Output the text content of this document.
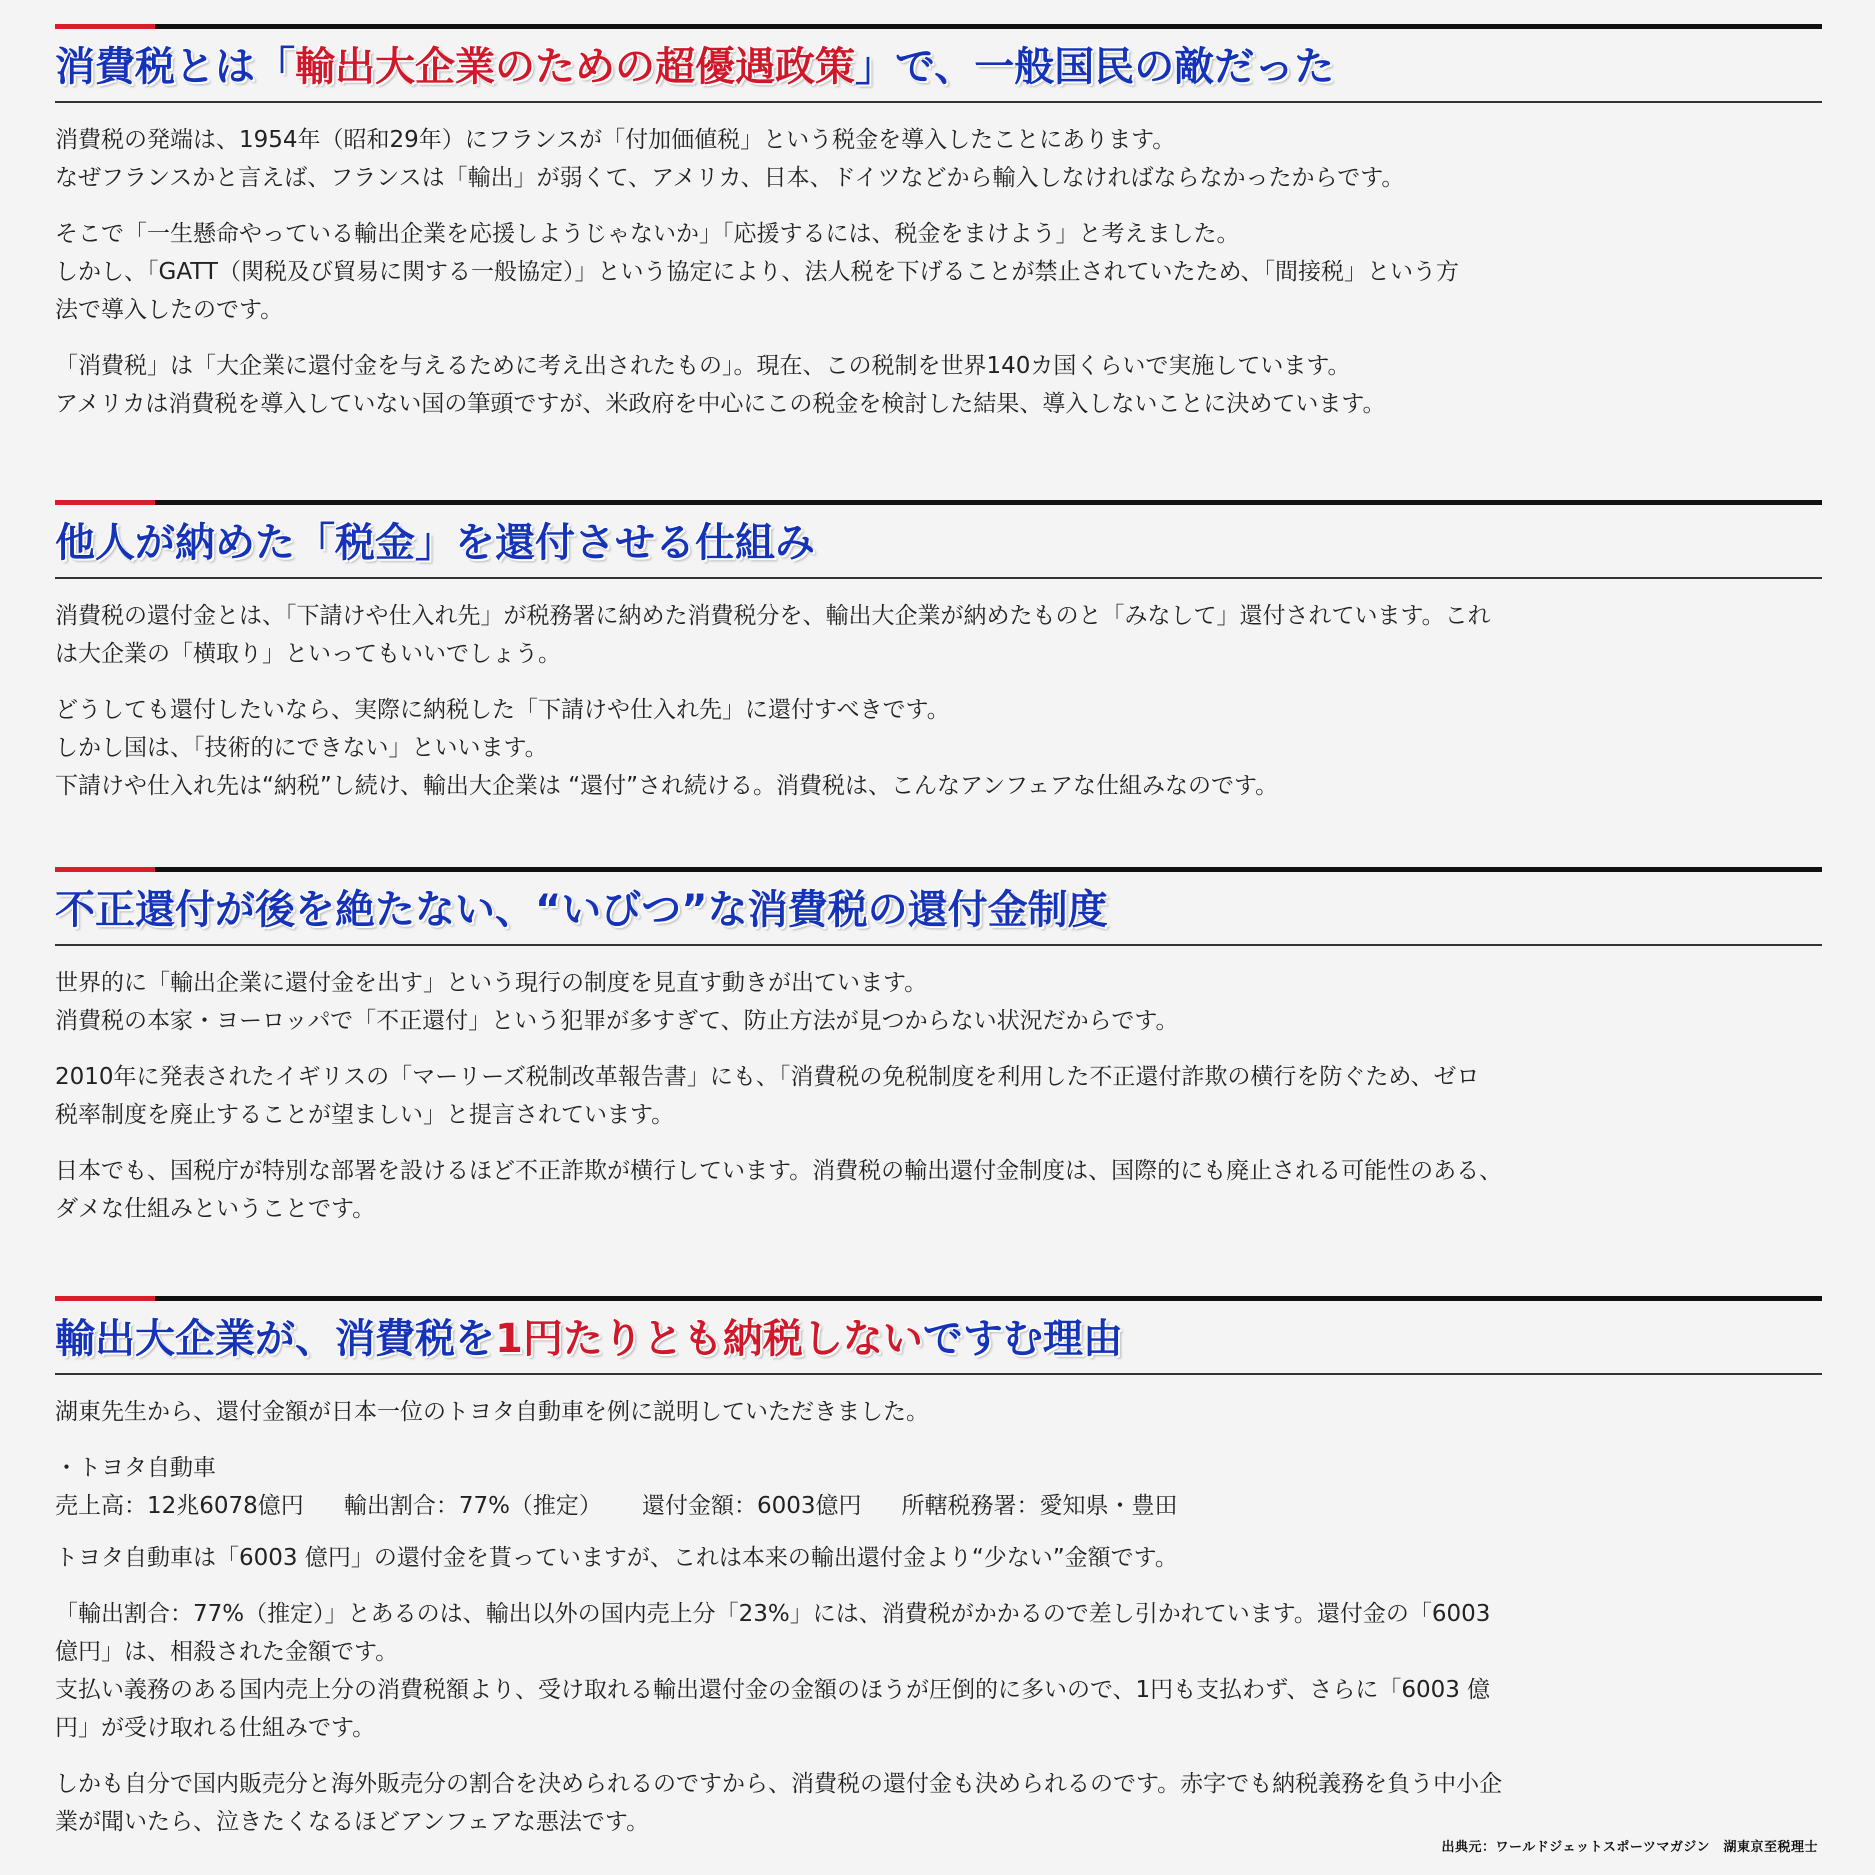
消費税とは「輸出大企業のための超優遇政策」で、一般国民の敵だった
消費税の発端は、1954年（昭和29年）にフランスが「付加価値税」という税金を導入したことにあります。
なぜフランスかと言えば、フランスは「輸出」が弱くて、アメリカ、日本、ドイツなどから輸入しなければならなかったからです。
そこで「一生懸命やっている輸出企業を応援しようじゃないか」「応援するには、税金をまけよう」と考えました。
しかし、「GATT（関税及び貿易に関する一般協定）」という協定により、法人税を下げることが禁止されていたため、「間接税」という方
法で導入したのです。
「消費税」は「大企業に還付金を与えるために考え出されたもの」。現在、この税制を世界140カ国くらいで実施しています。
アメリカは消費税を導入していない国の筆頭ですが、米政府を中心にこの税金を検討した結果、導入しないことに決めています。
他人が納めた「税金」を還付させる仕組み
消費税の還付金とは、「下請けや仕入れ先」が税務署に納めた消費税分を、輸出大企業が納めたものと「みなして」還付されています。これ
は大企業の「横取り」といってもいいでしょう。
どうしても還付したいなら、実際に納税した「下請けや仕入れ先」に還付すべきです。
しかし国は、「技術的にできない」といいます。
下請けや仕入れ先は“納税”し続け、輸出大企業は “還付”され続ける。消費税は、こんなアンフェアな仕組みなのです。
不正還付が後を絶たない、“いびつ”な消費税の還付金制度
世界的に「輸出企業に還付金を出す」という現行の制度を見直す動きが出ています。
消費税の本家・ヨーロッパで「不正還付」という犯罪が多すぎて、防止方法が見つからない状況だからです。
2010年に発表されたイギリスの「マーリーズ税制改革報告書」にも、「消費税の免税制度を利用した不正還付詐欺の横行を防ぐため、ゼロ
税率制度を廃止することが望ましい」と提言されています。
日本でも、国税庁が特別な部署を設けるほど不正詐欺が横行しています。消費税の輸出還付金制度は、国際的にも廃止される可能性のある、
ダメな仕組みということです。
輸出大企業が、消費税を1円たりとも納税しないですむ理由
湖東先生から、還付金額が日本一位のトヨタ自動車を例に説明していただきました。
・トヨタ自動車
売上高：12兆6078億円 輸出割合：77%（推定） 還付金額：6003億円 所轄税務署：愛知県・豊田
トヨタ自動車は「6003 億円」の還付金を貰っていますが、これは本来の輸出還付金より“少ない”金額です。
「輸出割合：77%（推定）」とあるのは、輸出以外の国内売上分「23%」には、消費税がかかるので差し引かれています。還付金の「6003
億円」は、相殺された金額です。
支払い義務のある国内売上分の消費税額より、受け取れる輸出還付金の金額のほうが圧倒的に多いので、1円も支払わず、さらに「6003 億
円」が受け取れる仕組みです。
しかも自分で国内販売分と海外販売分の割合を決められるのですから、消費税の還付金も決められるのです。赤字でも納税義務を負う中小企
業が聞いたら、泣きたくなるほどアンフェアな悪法です。
出典元：ワールドジェットスポーツマガジン　湖東京至税理士
